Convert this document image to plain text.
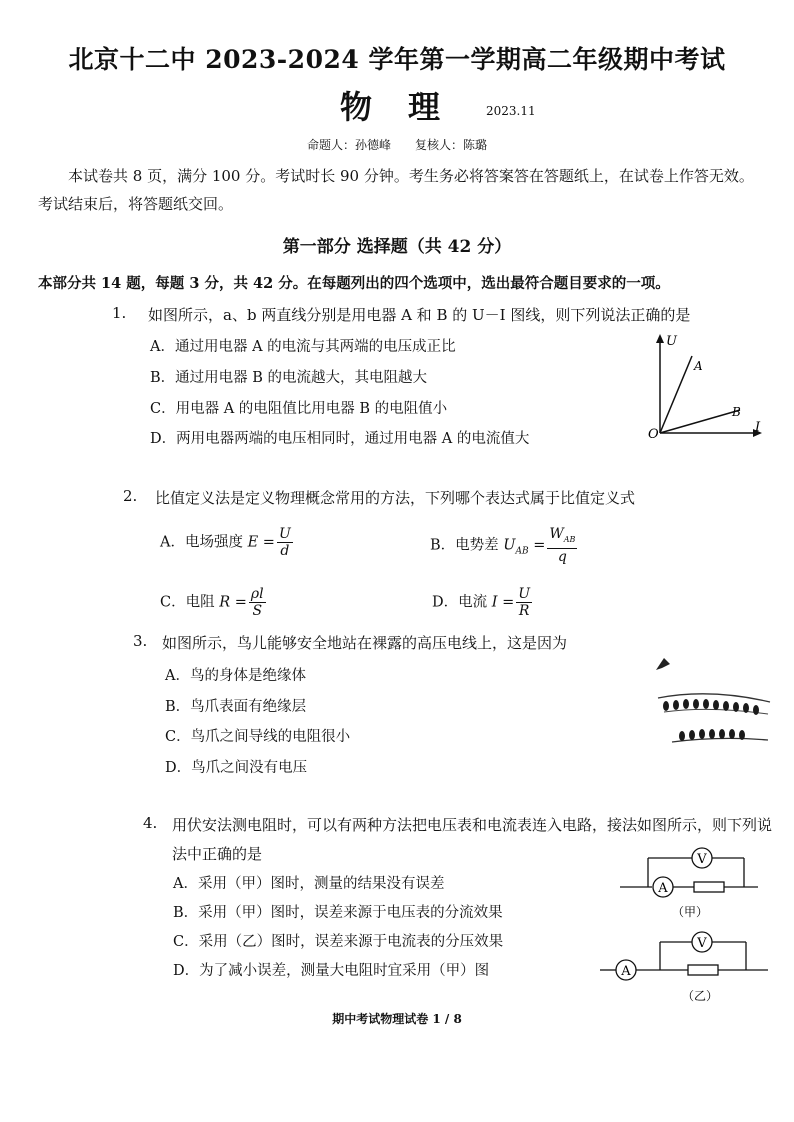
北京十二中 2023-2024 学年第一学期高二年级期中考试
物　理	2023.11
命题人：孙德峰　　复核人：陈璐
本试卷共 8 页，满分 100 分。考试时长 90 分钟。考生务必将答案答在答题纸上，在试卷上作答无效。考试结束后，将答题纸交回。
第一部分 选择题（共 42 分）
本部分共 14 题，每题 3 分，共 42 分。在每题列出的四个选项中，选出最符合题目要求的一项。
1. 如图所示，a、b 两直线分别是用电器 A 和 B 的 U－I 图线，则下列说法正确的是
A．通过用电器 A 的电流与其两端的电压成正比
B．通过用电器 B 的电流越大，其电阻越大
C．用电器 A 的电阻值比用电器 B 的电阻值小
D．两用电器两端的电压相同时，通过用电器 A 的电流值大
U
I
O
A
B
2. 比值定义法是定义物理概念常用的方法，下列哪个表达式属于比值定义式
A．电场强度 $E = \frac{U}{d}$	B．电势差 $U_{AB} = \frac{W_{AB}}{q}$
C．电阻 $R = \frac{\rho l}{S}$	D．电流 $I = \frac{U}{R}$
3. 如图所示，鸟儿能够安全地站在裸露的高压电线上，这是因为
A．鸟的身体是绝缘体
B．鸟爪表面有绝缘层
C．鸟爪之间导线的电阻很小
D．鸟爪之间没有电压
4. 用伏安法测电阻时，可以有两种方法把电压表和电流表连入电路，接法如图所示，则下列说
法中正确的是
A．采用（甲）图时，测量的结果没有误差
B．采用（甲）图时，误差来源于电压表的分流效果
C．采用（乙）图时，误差来源于电流表的分压效果
D．为了减小误差，测量大电阻时宜采用（甲）图
A
V
（甲）
A
V
（乙）
期中考试物理试卷 1 / 8
